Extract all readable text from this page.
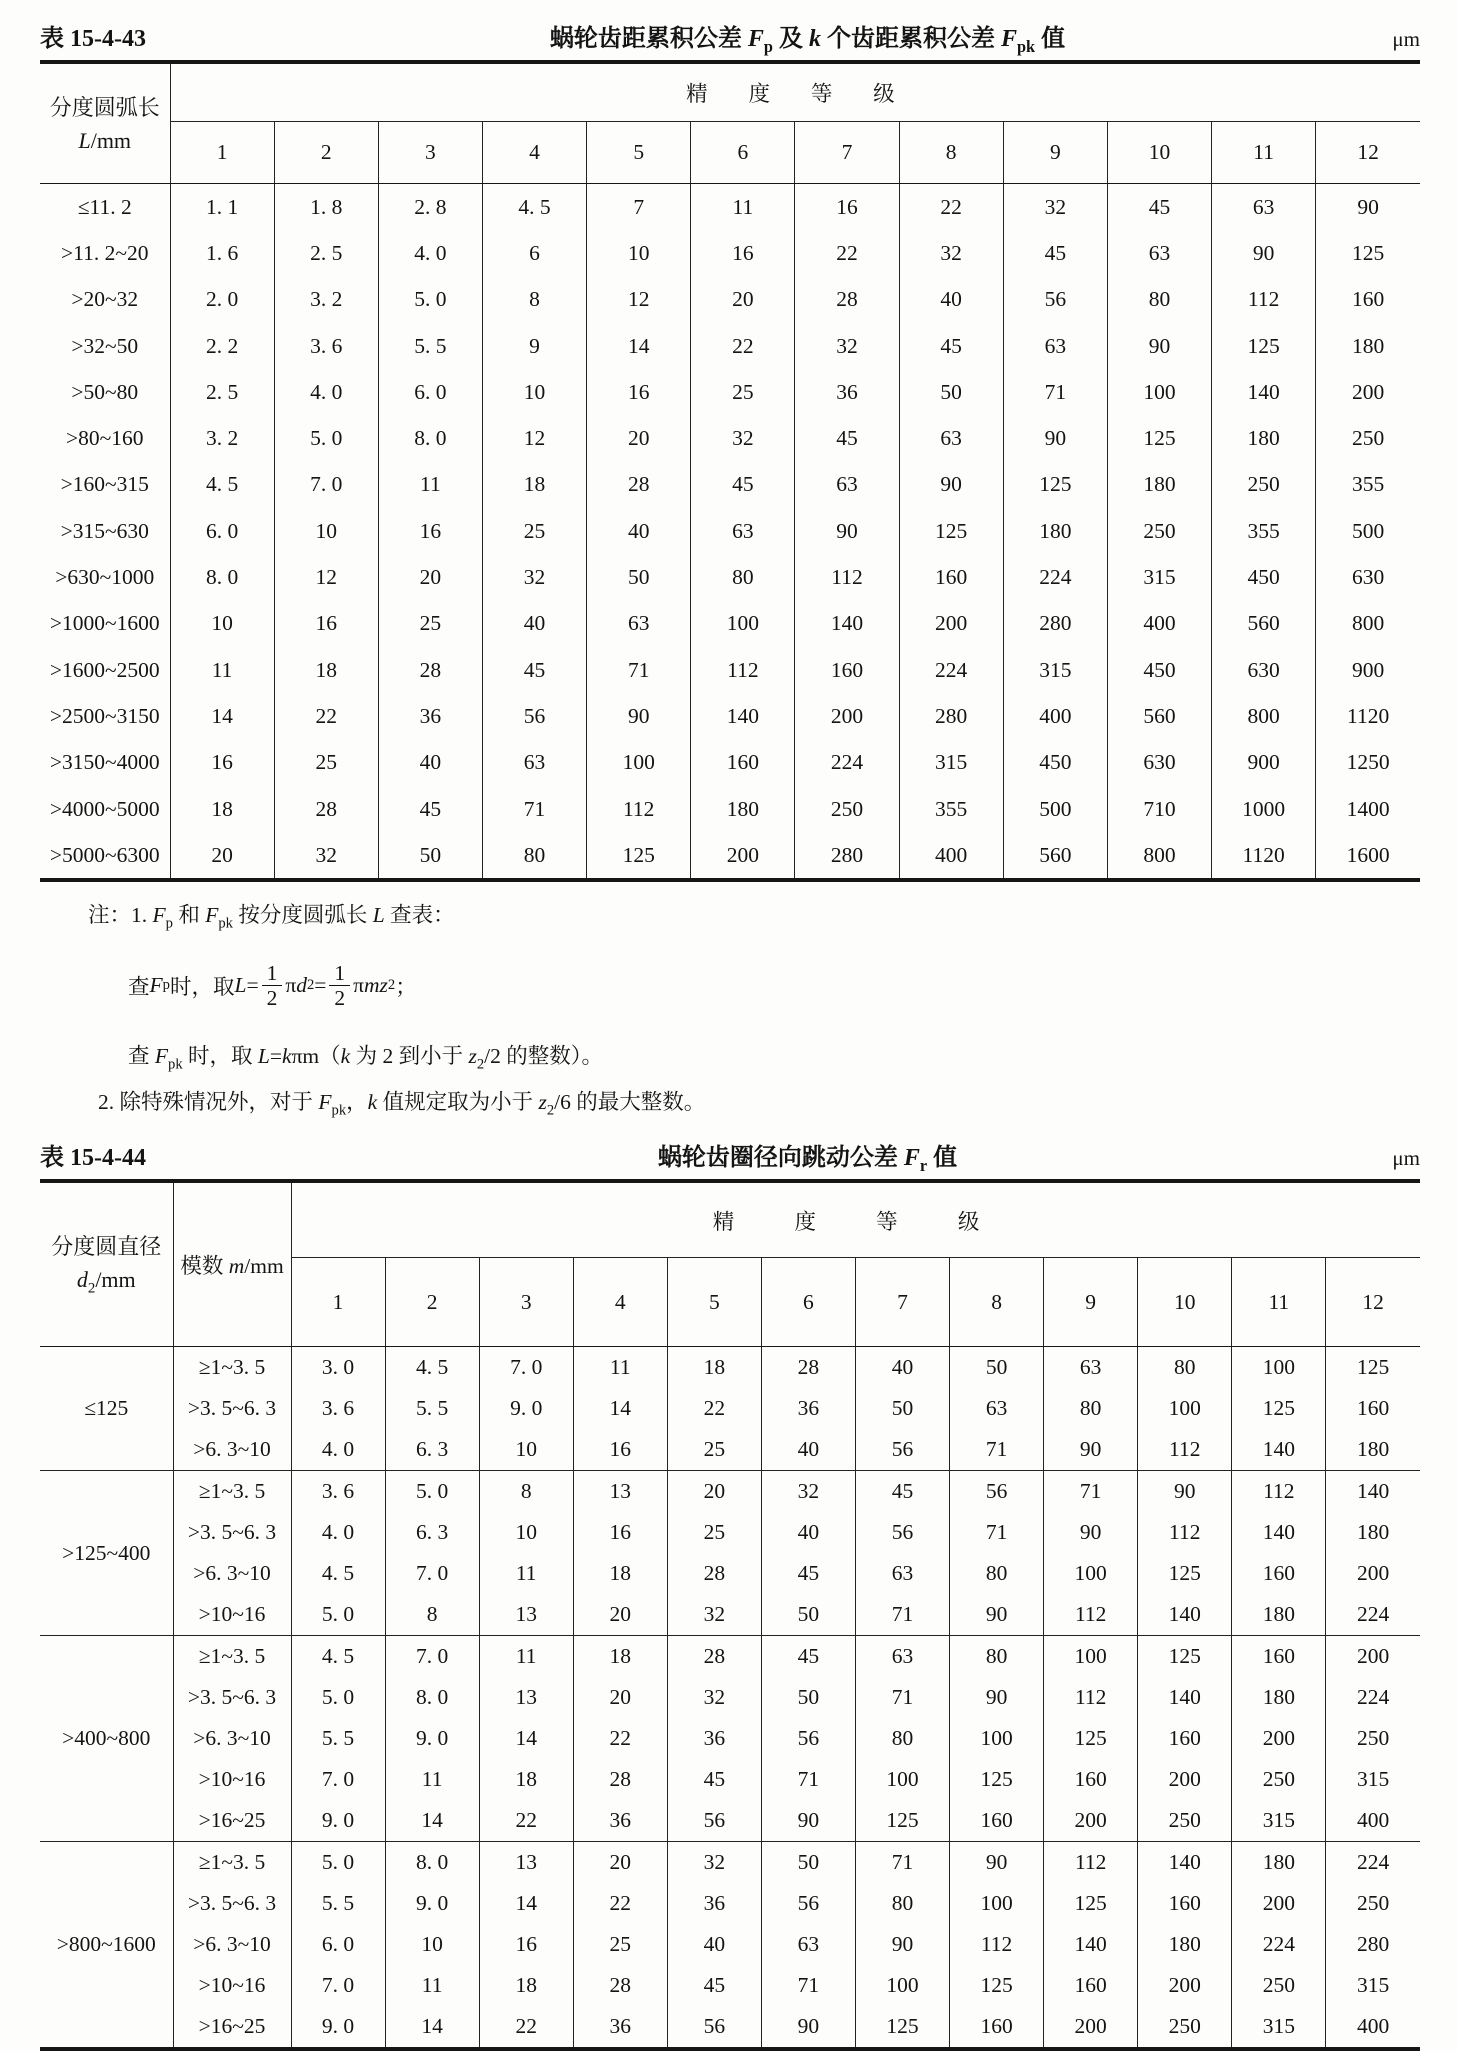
表 15-4-43	蜗轮齿距累积公差 $F_p$ 及 k 个齿距累积公差 $F_{pk}$ 值	μm
分度圆弧长
L/mm	精　度　等　级											
	1	2	3	4	5	6	7	8	9	10	11	12
≤11. 2	1. 1	1. 8	2. 8	4. 5	7	11	16	22	32	45	63	90
>11. 2~20	1. 6	2. 5	4. 0	6	10	16	22	32	45	63	90	125
>20~32	2. 0	3. 2	5. 0	8	12	20	28	40	56	80	112	160
>32~50	2. 2	3. 6	5. 5	9	14	22	32	45	63	90	125	180
>50~80	2. 5	4. 0	6. 0	10	16	25	36	50	71	100	140	200
>80~160	3. 2	5. 0	8. 0	12	20	32	45	63	90	125	180	250
>160~315	4. 5	7. 0	11	18	28	45	63	90	125	180	250	355
>315~630	6. 0	10	16	25	40	63	90	125	180	250	355	500
>630~1000	8. 0	12	20	32	50	80	112	160	224	315	450	630
>1000~1600	10	16	25	40	63	100	140	200	280	400	560	800
>1600~2500	11	18	28	45	71	112	160	224	315	450	630	900
>2500~3150	14	22	36	56	90	140	200	280	400	560	800	1120
>3150~4000	16	25	40	63	100	160	224	315	450	630	900	1250
>4000~5000	18	28	45	71	112	180	250	355	500	710	1000	1400
>5000~6300	20	32	50	80	125	200	280	400	560	800	1120	1600
注：1. $F_p$ 和 $F_{pk}$ 按分度圆弧长 L 查表：
查 F p 时，取 $L = \frac{1}{2}$ π d $2 = \frac{1}{2}$ π m z 2 ；
查 $F_{pk}$ 时，取 L=kπm（k 为 2 到小于 $z_2/2$ 的整数）。
2. 除特殊情况外，对于 $F_{pk}$，k 值规定取为小于 $z_2/6$ 的最大整数。
表 15-4-44	蜗轮齿圈径向跳动公差 $F_r$ 值	μm
分度圆直径
$d_2/mm$	模数 m/mm	精　度　等　级											
		1	2	3	4	5	6	7	8	9	10	11	12
≤125	≥1~3. 5	3. 0	4. 5	7. 0	11	18	28	40	50	63	80	100	125
	>3. 5~6. 3	3. 6	5. 5	9. 0	14	22	36	50	63	80	100	125	160
	>6. 3~10	4. 0	6. 3	10	16	25	40	56	71	90	112	140	180
>125~400	≥1~3. 5	3. 6	5. 0	8	13	20	32	45	56	71	90	112	140
	>3. 5~6. 3	4. 0	6. 3	10	16	25	40	56	71	90	112	140	180
	>6. 3~10	4. 5	7. 0	11	18	28	45	63	80	100	125	160	200
	>10~16	5. 0	8	13	20	32	50	71	90	112	140	180	224
>400~800	≥1~3. 5	4. 5	7. 0	11	18	28	45	63	80	100	125	160	200
	>3. 5~6. 3	5. 0	8. 0	13	20	32	50	71	90	112	140	180	224
	>6. 3~10	5. 5	9. 0	14	22	36	56	80	100	125	160	200	250
	>10~16	7. 0	11	18	28	45	71	100	125	160	200	250	315
	>16~25	9. 0	14	22	36	56	90	125	160	200	250	315	400
>800~1600	≥1~3. 5	5. 0	8. 0	13	20	32	50	71	90	112	140	180	224
	>3. 5~6. 3	5. 5	9. 0	14	22	36	56	80	100	125	160	200	250
	>6. 3~10	6. 0	10	16	25	40	63	90	112	140	180	224	280
	>10~16	7. 0	11	18	28	45	71	100	125	160	200	250	315
	>16~25	9. 0	14	22	36	56	90	125	160	200	250	315	400
